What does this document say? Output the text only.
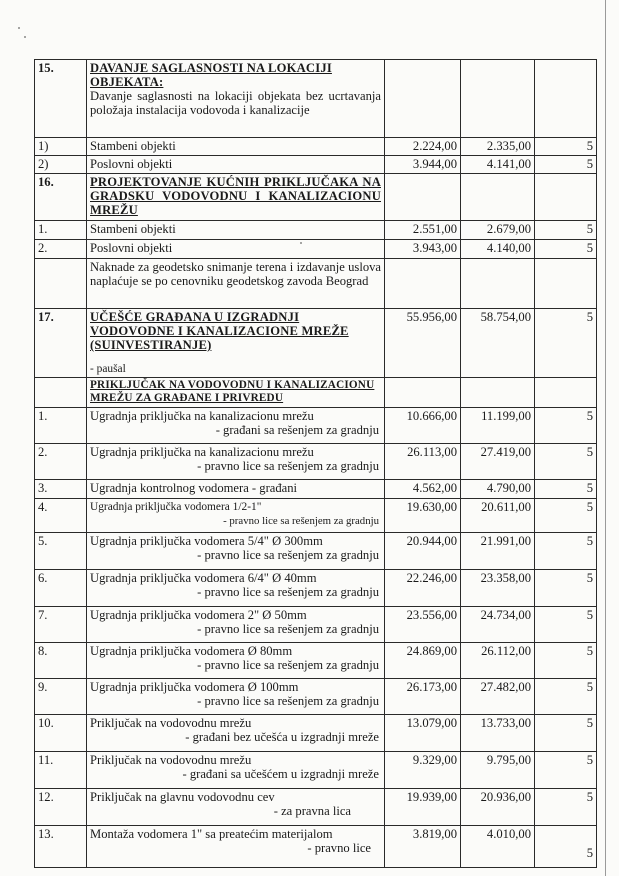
15.	DAVANJE SAGLASNOSTI NA LOKACIJI OBJEKATA:
Davanje saglasnosti na lokaciji objekata bez ucrtavanja položaja instalacija vodovoda i kanalizacije			

1)	Stambeni objekti	2.224,00	2.335,00	5
2)	Poslovni objekti	3.944,00	4.141,00	5
16.	PROJEKTOVANJE KUĆNIH PRIKLJUČAKA NA GRADSKU VODOVODNU I KANALIZACIONU MREŽU			

1.	Stambeni objekti	2.551,00	2.679,00	5
2.	Poslovni objekti	3.943,00	4.140,00	5

	Naknade za geodetsko snimanje terena i izdavanje uslova naplaćuje se po cenovniku geodetskog zavoda Beograd			

17.	UČEŠĆE GRAĐANA U IZGRADNJI VODOVODNE I KANALIZACIONE MREŽE (SUINVESTIRANJE)
- paušal	55.956,00	58.754,00	5

	PRIKLJUČAK NA VODOVODNU I KANALIZACIONU MREŽU ZA GRAĐANE I PRIVREDU			

1.	Ugradnja priključka na kanalizacionu mrežu
- građani sa rešenjem za gradnju	10.666,00	11.199,00	5
2.	Ugradnja priključka na kanalizacionu mrežu
- pravno lice sa rešenjem za gradnju	26.113,00	27.419,00	5
3.	Ugradnja kontrolnog vodomera - građani	4.562,00	4.790,00	5
4.	Ugradnja priključka vodomera 1/2-1"
- pravno lice sa rešenjem za gradnju	19.630,00	20.611,00	5
5.	Ugradnja priključka vodomera 5/4" Ø 300mm
- pravno lice sa rešenjem za gradnju	20.944,00	21.991,00	5
6.	Ugradnja priključka vodomera 6/4" Ø 40mm
- pravno lice sa rešenjem za gradnju	22.246,00	23.358,00	5
7.	Ugradnja priključka vodomera 2" Ø 50mm
- pravno lice sa rešenjem za gradnju	23.556,00	24.734,00	5
8.	Ugradnja priključka vodomera Ø 80mm
- pravno lice sa rešenjem za gradnju	24.869,00	26.112,00	5
9.	Ugradnja priključka vodomera Ø 100mm
- pravno lice sa rešenjem za gradnju	26.173,00	27.482,00	5
10.	Priključak na vodovodnu mrežu
- građani bez učešća u izgradnji mreže	13.079,00	13.733,00	5
11.	Priključak na vodovodnu mrežu
- građani sa učešćem u izgradnji mreže	9.329,00	9.795,00	5
12.	Priključak na glavnu vodovodnu cev
- za pravna lica	19.939,00	20.936,00	5
13.	Montaža vodomera 1" sa preatećim materijalom
- pravno lice	3.819,00	4.010,00	5
